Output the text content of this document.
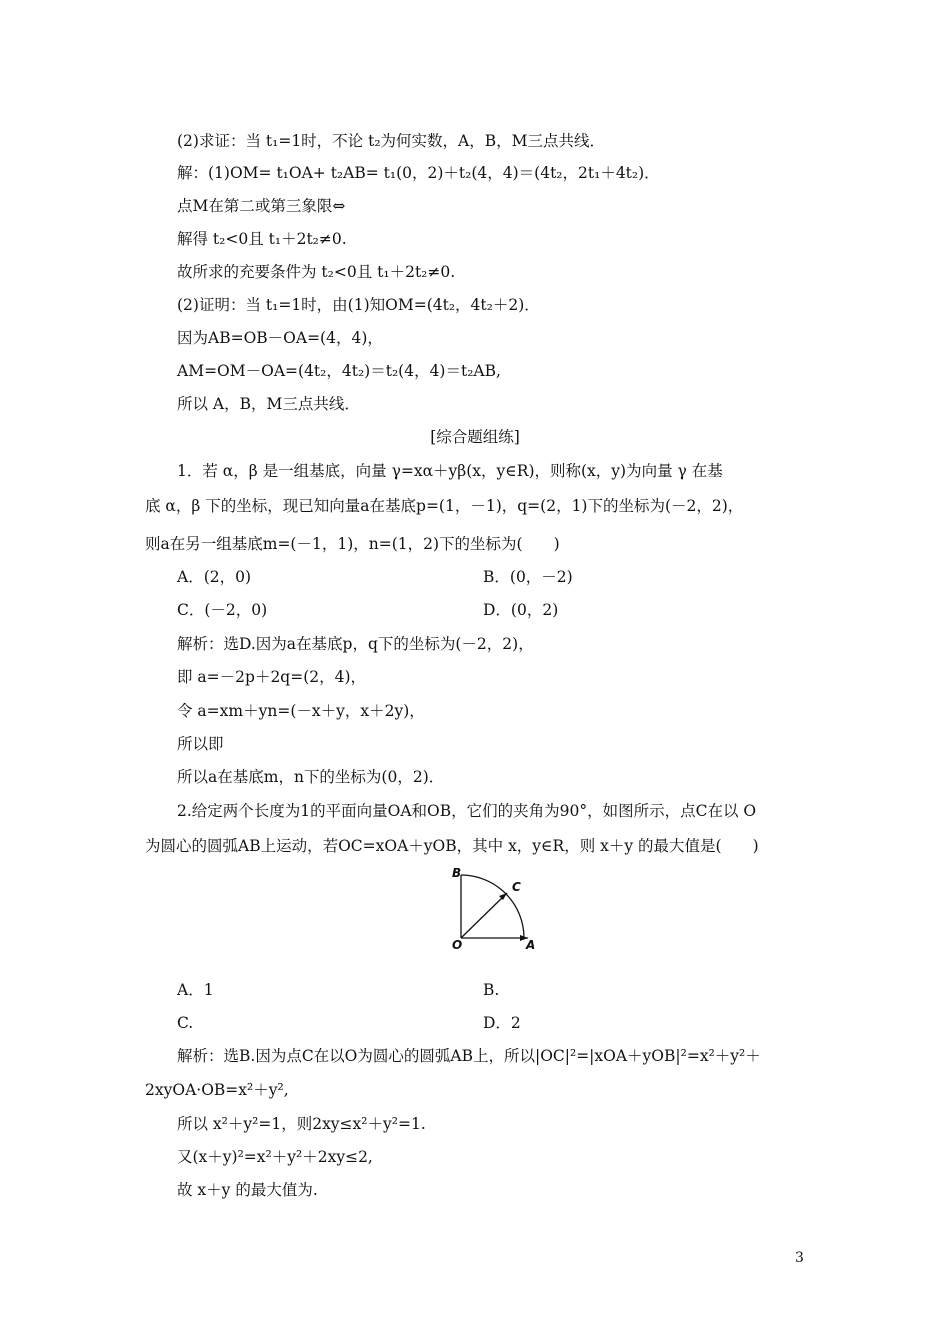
(2)求证：当 t₁=1时，不论 t₂为何实数，A，B，M三点共线．
解：(1)OM= t₁OA+ t₂AB= t₁(0，2)＋t₂(4，4)＝(4t₂，2t₁＋4t₂)．
点M在第二或第三象限⇔
解得 t₂<0且 t₁＋2t₂≠0.
故所求的充要条件为 t₂<0且 t₁＋2t₂≠0.
(2)证明：当 t₁=1时，由(1)知OM=(4t₂，4t₂＋2)．
因为AB=OB－OA=(4，4)，
AM=OM－OA=(4t₂，4t₂)＝t₂(4，4)＝t₂AB,
所以 A，B，M三点共线．
[综合题组练]
1．若 α，β 是一组基底，向量 γ=xα＋yβ(x，y∈R)，则称(x，y)为向量 γ 在基
底 α，β 下的坐标，现已知向量a在基底p=(1，－1)，q=(2，1)下的坐标为(－2，2)，
则a在另一组基底m=(－1，1)，n=(1，2)下的坐标为(　　)
A．(2，0)	B．(0，－2)
C．(－2，0)	D．(0，2)
解析：选D.因为a在基底p，q下的坐标为(－2，2)，
即 a=－2p＋2q=(2，4)，
令 a=xm＋yn=(－x＋y，x＋2y)，
所以即
所以a在基底m，n下的坐标为(0，2)．
2.给定两个长度为1的平面向量OA和OB，它们的夹角为90°，如图所示，点C在以 O
为圆心的圆弧AB上运动，若OC=xOA＋yOB，其中 x，y∈R，则 x＋y 的最大值是(　　)
B
C
O	A
A．1	B.
C.	D．2
解析：选B.因为点C在以O为圆心的圆弧AB上，所以|OC|²=|xOA＋yOB|²=x²＋y²＋
2xyOA·OB=x²＋y²,
所以 x²＋y²=1，则2xy≤x²＋y²=1.
又(x＋y)²=x²＋y²＋2xy≤2,
故 x＋y 的最大值为.
3
